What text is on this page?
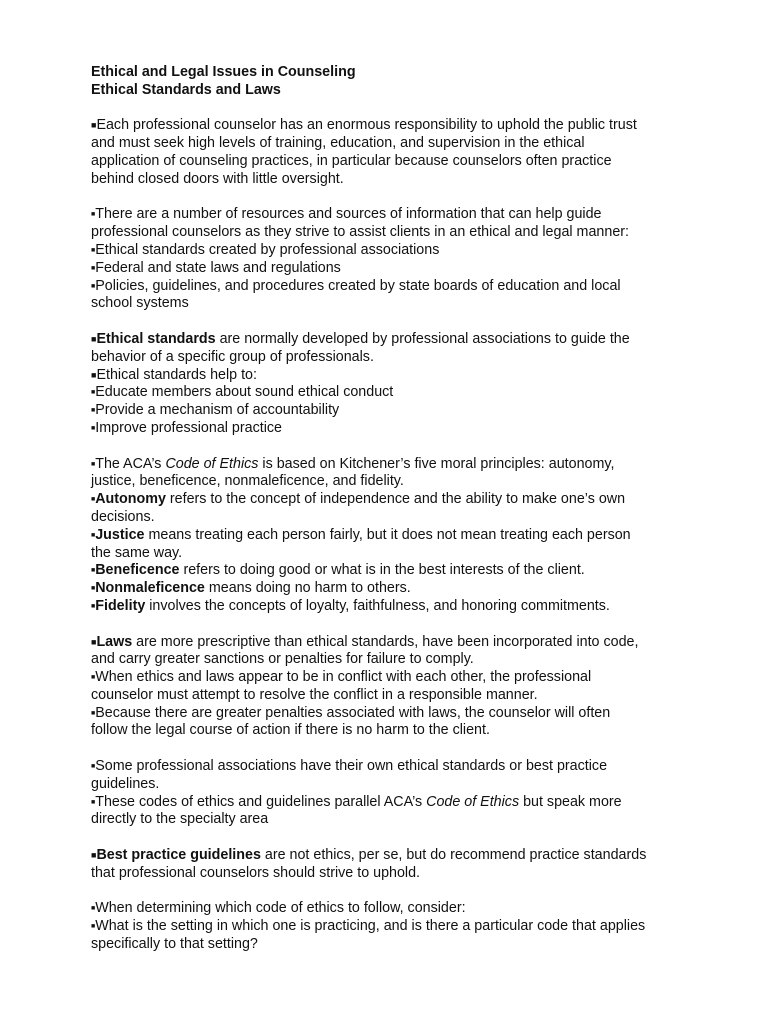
Ethical and Legal Issues in Counseling
Ethical Standards and Laws
■Each professional counselor has an enormous responsibility to uphold the public trust
and must seek high levels of training, education, and supervision in the ethical
application of counseling practices, in particular because counselors often practice
behind closed doors with little oversight.
■There are a number of resources and sources of information that can help guide
professional counselors as they strive to assist clients in an ethical and legal manner:
■Ethical standards created by professional associations
■Federal and state laws and regulations
■Policies, guidelines, and procedures created by state boards of education and local
school systems
■Ethical standards are normally developed by professional associations to guide the
behavior of a specific group of professionals.
■Ethical standards help to:
■Educate members about sound ethical conduct
■Provide a mechanism of accountability
■Improve professional practice
■The ACA’s Code of Ethics is based on Kitchener’s five moral principles: autonomy,
justice, beneficence, nonmaleficence, and fidelity.
■Autonomy refers to the concept of independence and the ability to make one’s own
decisions.
■Justice means treating each person fairly, but it does not mean treating each person
the same way.
■Beneficence refers to doing good or what is in the best interests of the client.
■Nonmaleficence means doing no harm to others.
■Fidelity involves the concepts of loyalty, faithfulness, and honoring commitments.
■Laws are more prescriptive than ethical standards, have been incorporated into code,
and carry greater sanctions or penalties for failure to comply.
■When ethics and laws appear to be in conflict with each other, the professional
counselor must attempt to resolve the conflict in a responsible manner.
■Because there are greater penalties associated with laws, the counselor will often
follow the legal course of action if there is no harm to the client.
■Some professional associations have their own ethical standards or best practice
guidelines.
■These codes of ethics and guidelines parallel ACA’s Code of Ethics but speak more
directly to the specialty area
■Best practice guidelines are not ethics, per se, but do recommend practice standards
that professional counselors should strive to uphold.
■When determining which code of ethics to follow, consider:
■What is the setting in which one is practicing, and is there a particular code that applies
specifically to that setting?
